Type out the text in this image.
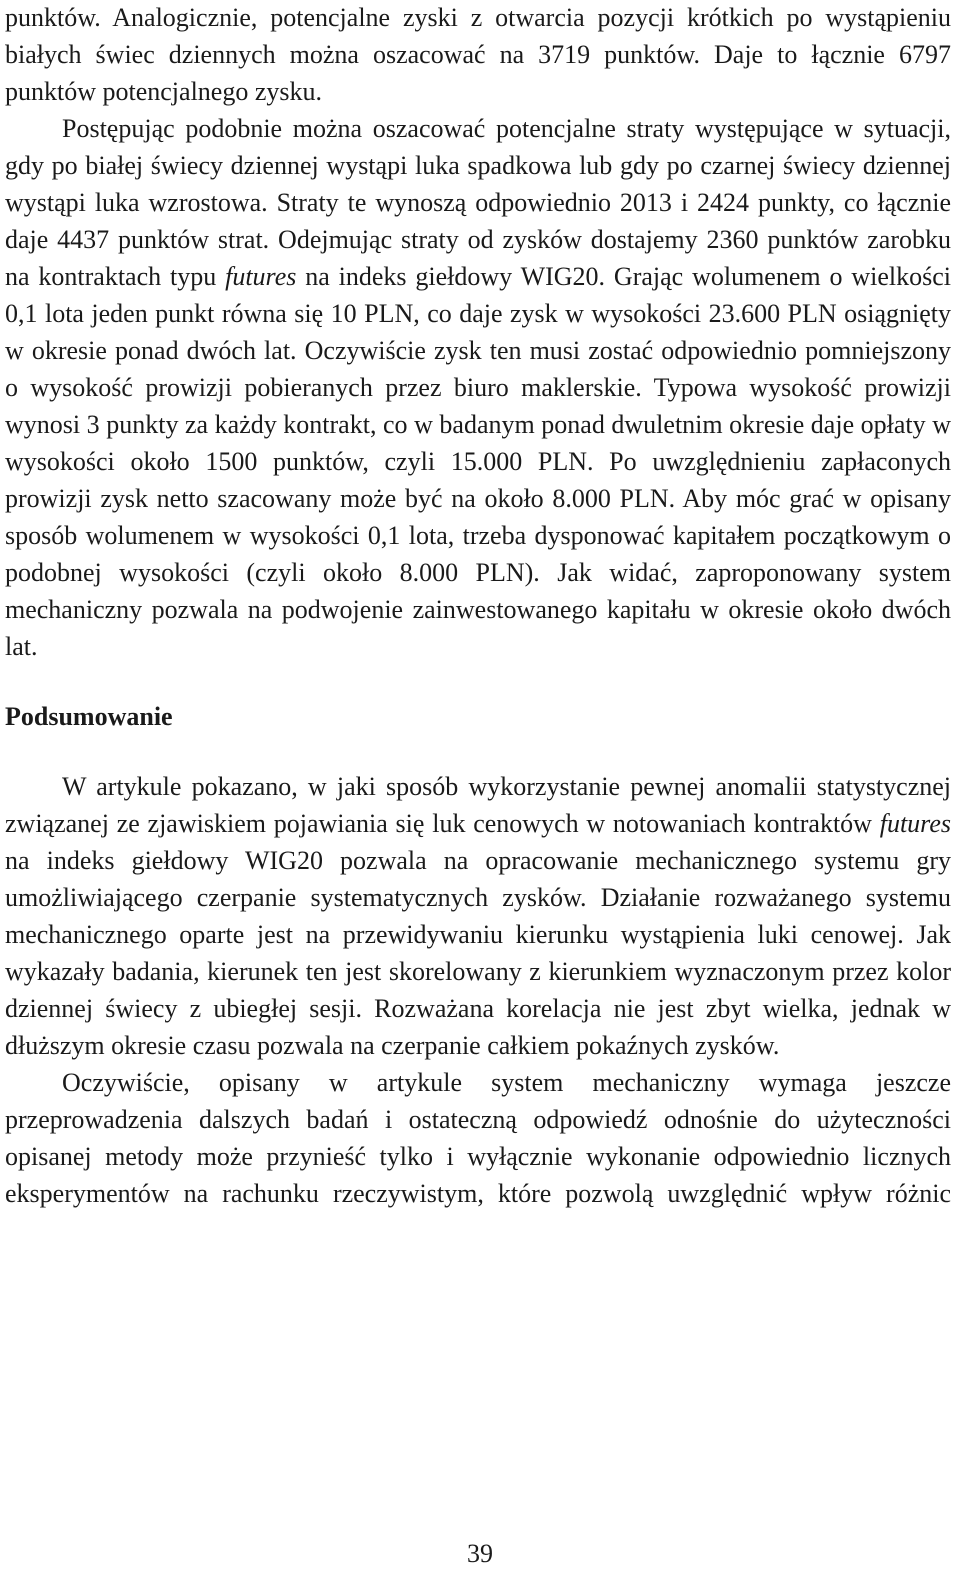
punktów. Analogicznie, potencjalne zyski z otwarcia pozycji krótkich po wystąpieniu białych świec dziennych można oszacować na 3719 punktów. Daje to łącznie 6797 punktów potencjalnego zysku.

Postępując podobnie można oszacować potencjalne straty występujące w sytuacji, gdy po białej świecy dziennej wystąpi luka spadkowa lub gdy po czarnej świecy dziennej wystąpi luka wzrostowa. Straty te wynoszą odpowiednio 2013 i 2424 punkty, co łącznie daje 4437 punktów strat. Odejmując straty od zysków dostajemy 2360 punktów zarobku na kontraktach typu futures na indeks giełdowy WIG20. Grając wolumenem o wielkości 0,1 lota jeden punkt równa się 10 PLN, co daje zysk w wysokości 23.600 PLN osiągnięty w okresie ponad dwóch lat. Oczywiście zysk ten musi zostać odpowiednio pomniejszony o wysokość prowizji pobieranych przez biuro maklerskie. Typowa wysokość prowizji wynosi 3 punkty za każdy kontrakt, co w badanym ponad dwuletnim okresie daje opłaty w wysokości około 1500 punktów, czyli 15.000 PLN. Po uwzględnieniu zapłaconych prowizji zysk netto szacowany może być na około 8.000 PLN. Aby móc grać w opisany sposób wolumenem w wysokości 0,1 lota, trzeba dysponować kapitałem początkowym o podobnej wysokości (czyli około 8.000 PLN). Jak widać, zaproponowany system mechaniczny pozwala na podwojenie zainwestowanego kapitału w okresie około dwóch lat.

Podsumowanie

W artykule pokazano, w jaki sposób wykorzystanie pewnej anomalii statystycznej związanej ze zjawiskiem pojawiania się luk cenowych w notowaniach kontraktów futures na indeks giełdowy WIG20 pozwala na opracowanie mechanicznego systemu gry umożliwiającego czerpanie systematycznych zysków. Działanie rozważanego systemu mechanicznego oparte jest na przewidywaniu kierunku wystąpienia luki cenowej. Jak wykazały badania, kierunek ten jest skorelowany z kierunkiem wyznaczonym przez kolor dziennej świecy z ubiegłej sesji. Rozważana korelacja nie jest zbyt wielka, jednak w dłuższym okresie czasu pozwala na czerpanie całkiem pokaźnych zysków.

Oczywiście, opisany w artykule system mechaniczny wymaga jeszcze przeprowadzenia dalszych badań i ostateczną odpowiedź odnośnie do użyteczności opisanej metody może przynieść tylko i wyłącznie wykonanie odpowiednio licznych eksperymentów na rachunku rzeczywistym, które pozwolą uwzględnić wpływ różnic

39
